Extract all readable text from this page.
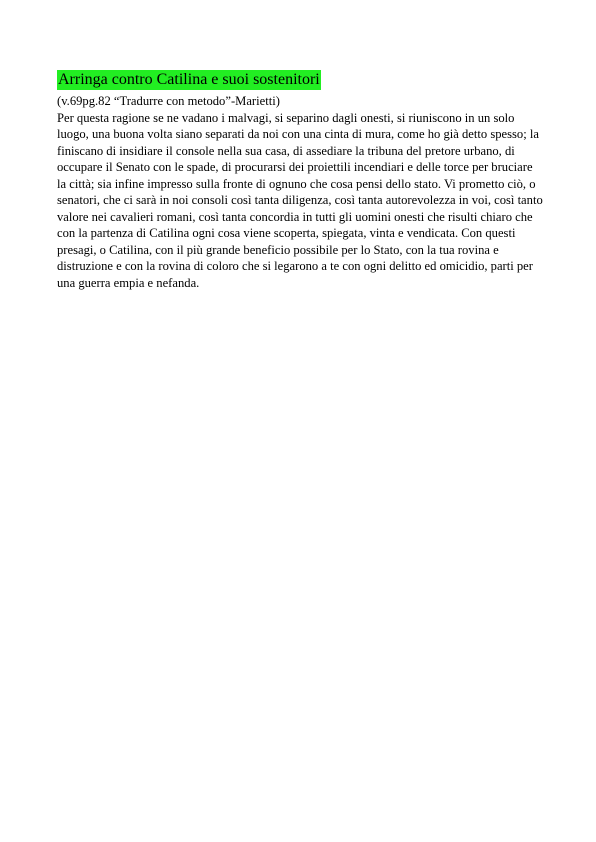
Arringa contro Catilina e suoi sostenitori
(v.69pg.82 “Tradurre con metodo”-Marietti)

Per questa ragione se ne vadano i malvagi, si separino dagli onesti, si riuniscono in un solo luogo, una buona volta siano separati da noi con una cinta di mura, come ho già detto spesso; la finiscano di insidiare il console nella sua casa, di assediare la tribuna del pretore urbano, di occupare il Senato con le spade, di procurarsi dei proiettili incendiari e delle torce per bruciare la città; sia infine impresso sulla fronte di ognuno che cosa pensi dello stato. Vi prometto ciò, o senatori, che ci sarà in noi consoli così tanta diligenza, così tanta autorevolezza in voi, così tanto valore nei cavalieri romani, così tanta concordia in tutti gli uomini onesti che risulti chiaro che con la partenza di Catilina ogni cosa viene scoperta, spiegata, vinta e vendicata. Con questi presagi, o Catilina, con il più grande beneficio possibile per lo Stato, con la tua rovina e distruzione e con la rovina di coloro che si legarono a te con ogni delitto ed omicidio, parti per una guerra empia e nefanda.
